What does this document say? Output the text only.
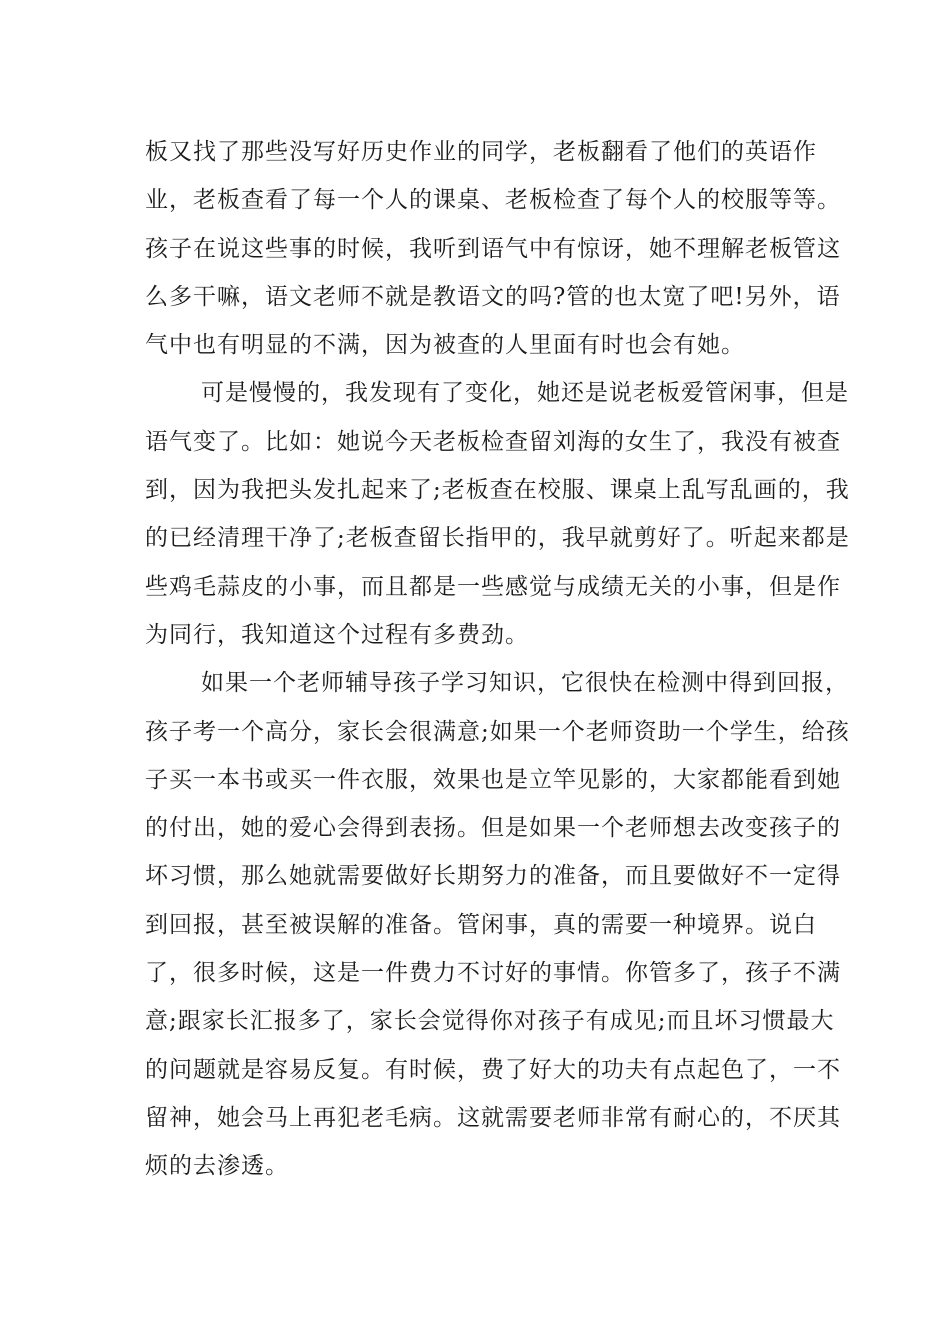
板又找了那些没写好历史作业的同学，老板翻看了他们的英语作
业，老板查看了每一个人的课桌、老板检查了每个人的校服等等。
孩子在说这些事的时候，我听到语气中有惊讶，她不理解老板管这
么多干嘛，语文老师不就是教语文的吗?管的也太宽了吧!另外，语
气中也有明显的不满，因为被查的人里面有时也会有她。
可是慢慢的，我发现有了变化，她还是说老板爱管闲事，但是
语气变了。比如：她说今天老板检查留刘海的女生了，我没有被查
到，因为我把头发扎起来了;老板查在校服、课桌上乱写乱画的，我
的已经清理干净了;老板查留长指甲的，我早就剪好了。听起来都是
些鸡毛蒜皮的小事，而且都是一些感觉与成绩无关的小事，但是作
为同行，我知道这个过程有多费劲。
如果一个老师辅导孩子学习知识，它很快在检测中得到回报，
孩子考一个高分，家长会很满意;如果一个老师资助一个学生，给孩
子买一本书或买一件衣服，效果也是立竿见影的，大家都能看到她
的付出，她的爱心会得到表扬。但是如果一个老师想去改变孩子的
坏习惯，那么她就需要做好长期努力的准备，而且要做好不一定得
到回报，甚至被误解的准备。管闲事，真的需要一种境界。说白
了，很多时候，这是一件费力不讨好的事情。你管多了，孩子不满
意;跟家长汇报多了，家长会觉得你对孩子有成见;而且坏习惯最大
的问题就是容易反复。有时候，费了好大的功夫有点起色了，一不
留神，她会马上再犯老毛病。这就需要老师非常有耐心的，不厌其
烦的去渗透。
